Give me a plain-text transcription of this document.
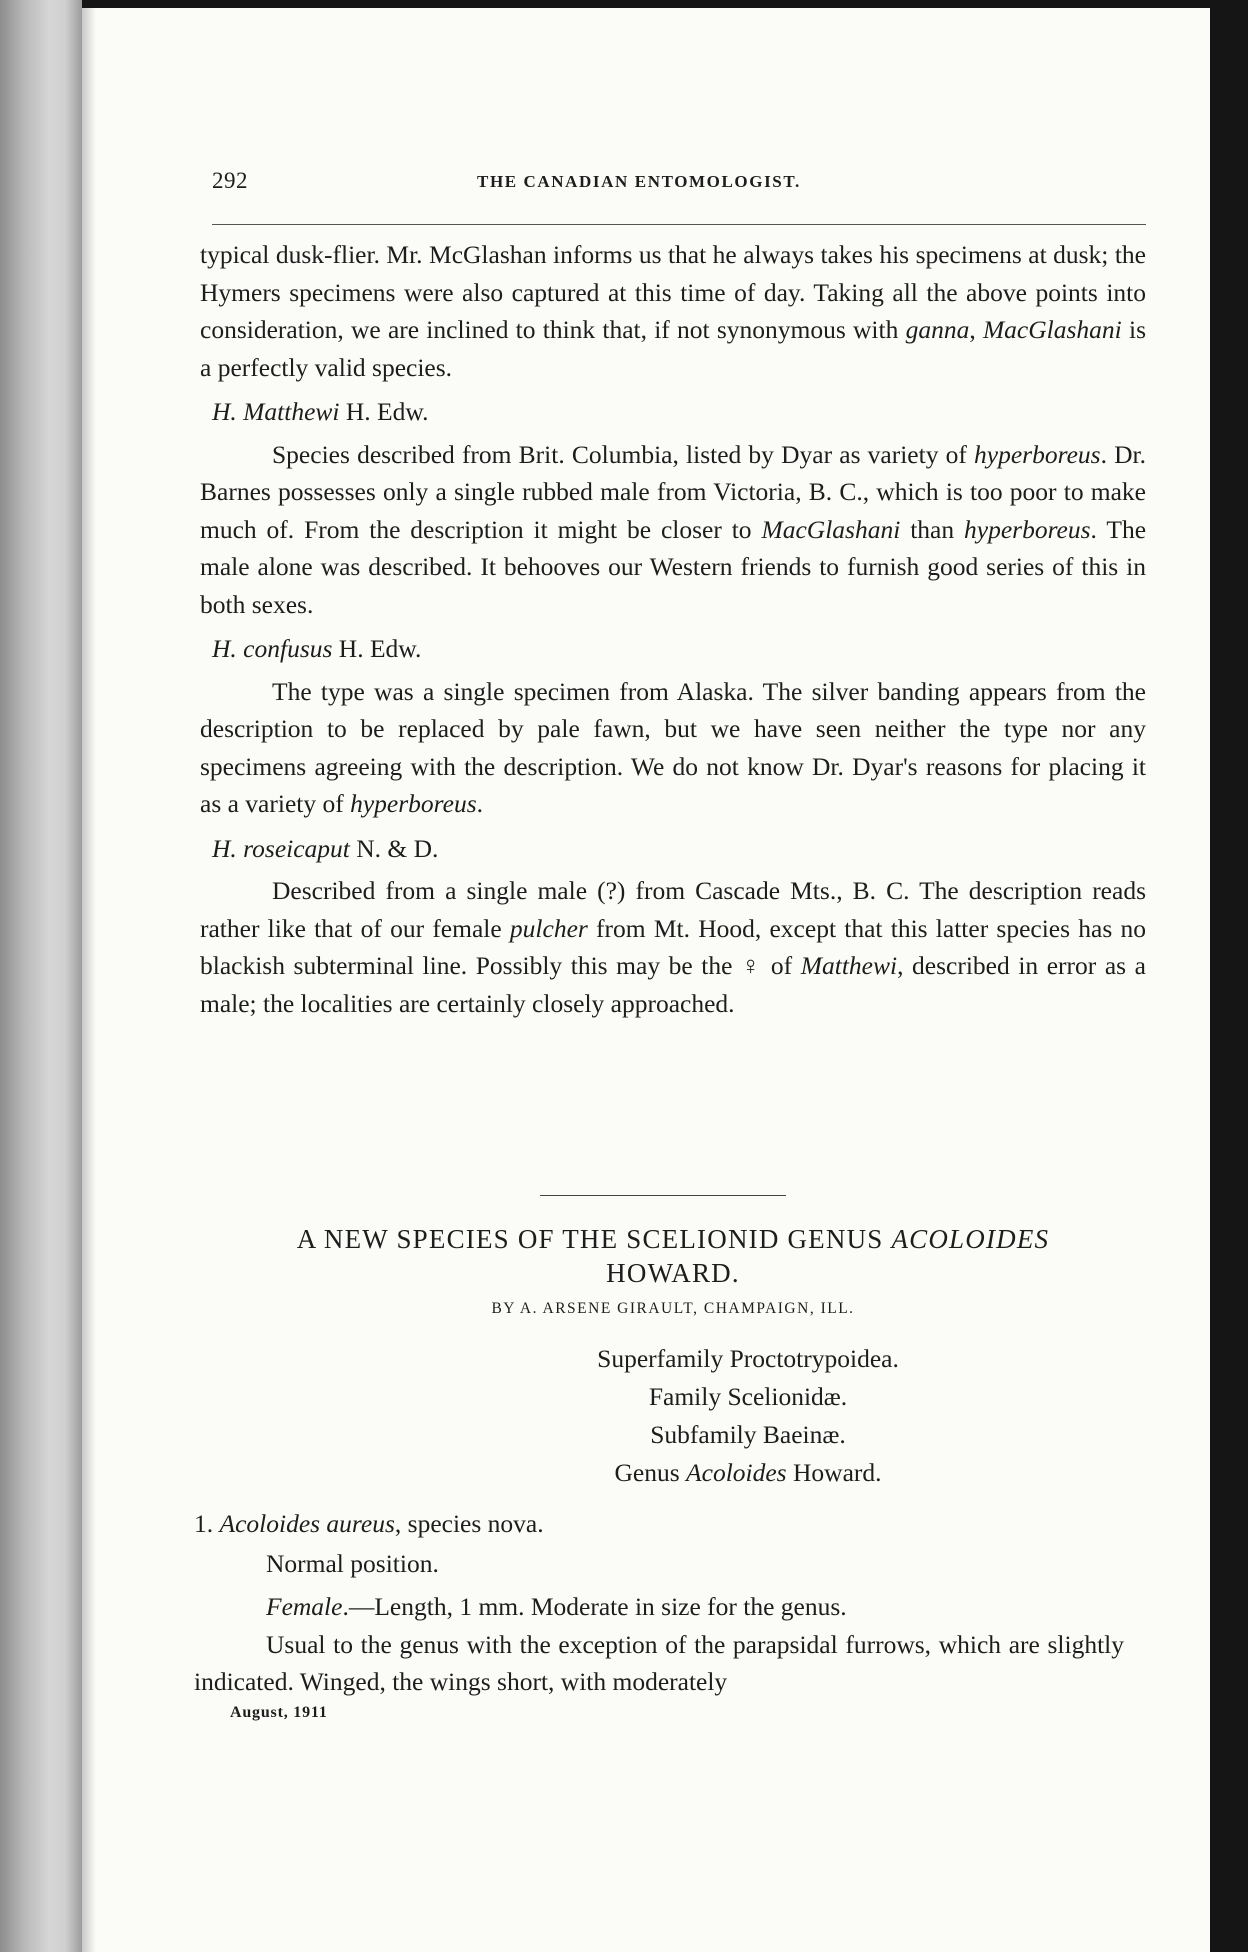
292	THE CANADIAN ENTOMOLOGIST.

typical dusk-flier. Mr. McGlashan informs us that he always takes his specimens at dusk; the Hymers specimens were also captured at this time of day. Taking all the above points into consideration, we are inclined to think that, if not synonymous with ganna, MacGlashani is a perfectly valid species.

H. Matthewi H. Edw.

Species described from Brit. Columbia, listed by Dyar as variety of hyperboreus. Dr. Barnes possesses only a single rubbed male from Victoria, B. C., which is too poor to make much of. From the description it might be closer to MacGlashani than hyperboreus. The male alone was described. It behooves our Western friends to furnish good series of this in both sexes.

H. confusus H. Edw.

The type was a single specimen from Alaska. The silver banding appears from the description to be replaced by pale fawn, but we have seen neither the type nor any specimens agreeing with the description. We do not know Dr. Dyar's reasons for placing it as a variety of hyperboreus.

H. roseicaput N. & D.

Described from a single male (?) from Cascade Mts., B. C. The description reads rather like that of our female pulcher from Mt. Hood, except that this latter species has no blackish subterminal line. Possibly this may be the ♀ of Matthewi, described in error as a male; the localities are certainly closely approached.

A NEW SPECIES OF THE SCELIONID GENUS ACOLOIDES
HOWARD.
BY A. ARSENE GIRAULT, CHAMPAIGN, ILL.
Superfamily Proctotrypoidea.
Family Scelionidæ.
Subfamily Baeinæ.
Genus Acoloides Howard.

1. Acoloides aureus, species nova.

Normal position.

Female.—Length, 1 mm. Moderate in size for the genus.

Usual to the genus with the exception of the parapsidal furrows, which are slightly indicated. Winged, the wings short, with moderately

August, 1911
